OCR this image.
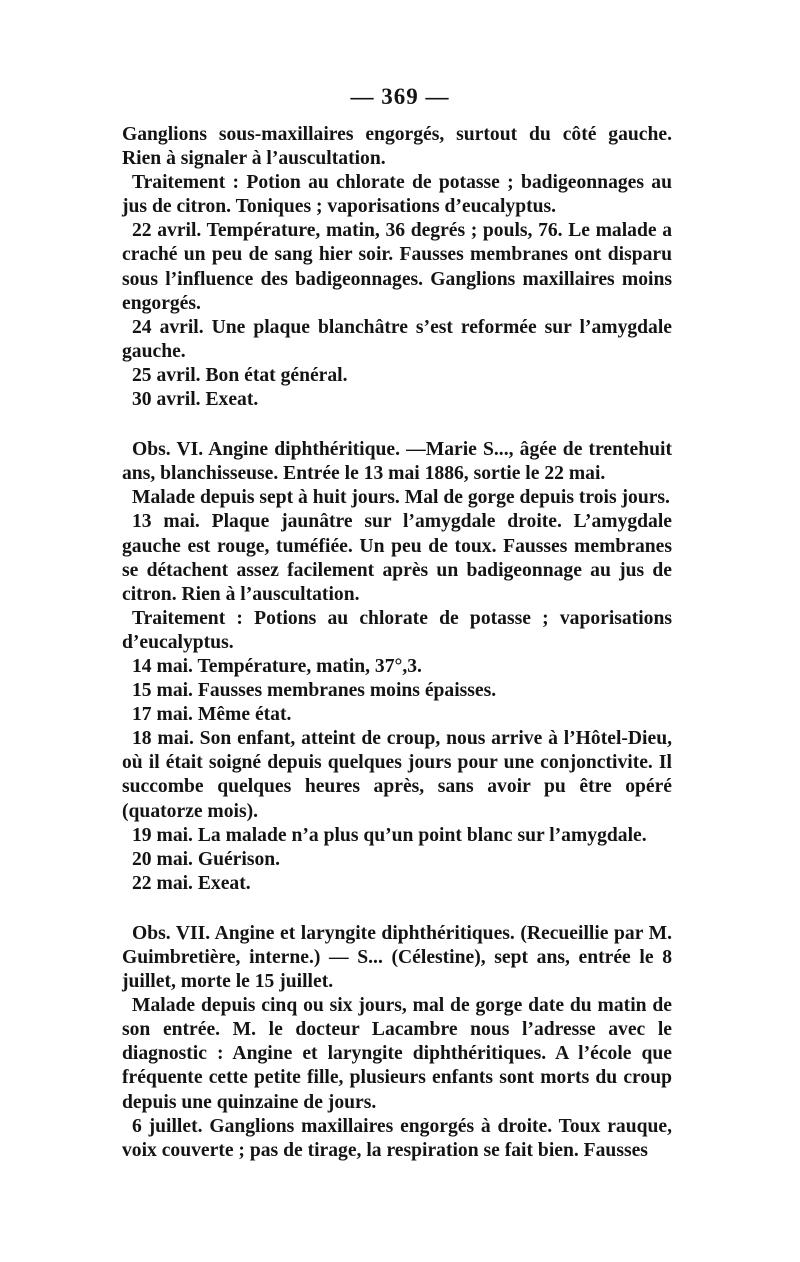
— 369 —

Ganglions sous-maxillaires engorgés, surtout du côté gauche. Rien à signaler à l’auscultation.

Traitement : Potion au chlorate de potasse ; badigeonnages au jus de citron. Toniques ; vaporisations d’eucalyptus.

22 avril. Température, matin, 36 degrés ; pouls, 76. Le malade a craché un peu de sang hier soir. Fausses membranes ont disparu sous l’influence des badigeonnages. Ganglions maxillaires moins engorgés.

24 avril. Une plaque blanchâtre s’est reformée sur l’amygdale gauche.

25 avril. Bon état général.

30 avril. Exeat.

Obs. VI. Angine diphthéritique. —Marie S..., âgée de trentehuit ans, blanchisseuse. Entrée le 13 mai 1886, sortie le 22 mai.

Malade depuis sept à huit jours. Mal de gorge depuis trois jours.

13 mai. Plaque jaunâtre sur l’amygdale droite. L’amygdale gauche est rouge, tuméfiée. Un peu de toux. Fausses membranes se détachent assez facilement après un badigeonnage au jus de citron. Rien à l’auscultation.

Traitement : Potions au chlorate de potasse ; vaporisations d’eucalyptus.

14 mai. Température, matin, 37°,3.

15 mai. Fausses membranes moins épaisses.

17 mai. Même état.

18 mai. Son enfant, atteint de croup, nous arrive à l’Hôtel-Dieu, où il était soigné depuis quelques jours pour une conjonctivite. Il succombe quelques heures après, sans avoir pu être opéré (quatorze mois).

19 mai. La malade n’a plus qu’un point blanc sur l’amygdale.

20 mai. Guérison.

22 mai. Exeat.

Obs. VII. Angine et laryngite diphthéritiques. (Recueillie par M. Guimbretière, interne.) — S... (Célestine), sept ans, entrée le 8 juillet, morte le 15 juillet.

Malade depuis cinq ou six jours, mal de gorge date du matin de son entrée. M. le docteur Lacambre nous l’adresse avec le diagnostic : Angine et laryngite diphthéritiques. A l’école que fréquente cette petite fille, plusieurs enfants sont morts du croup depuis une quinzaine de jours.

6 juillet. Ganglions maxillaires engorgés à droite. Toux rauque, voix couverte ; pas de tirage, la respiration se fait bien. Fausses
